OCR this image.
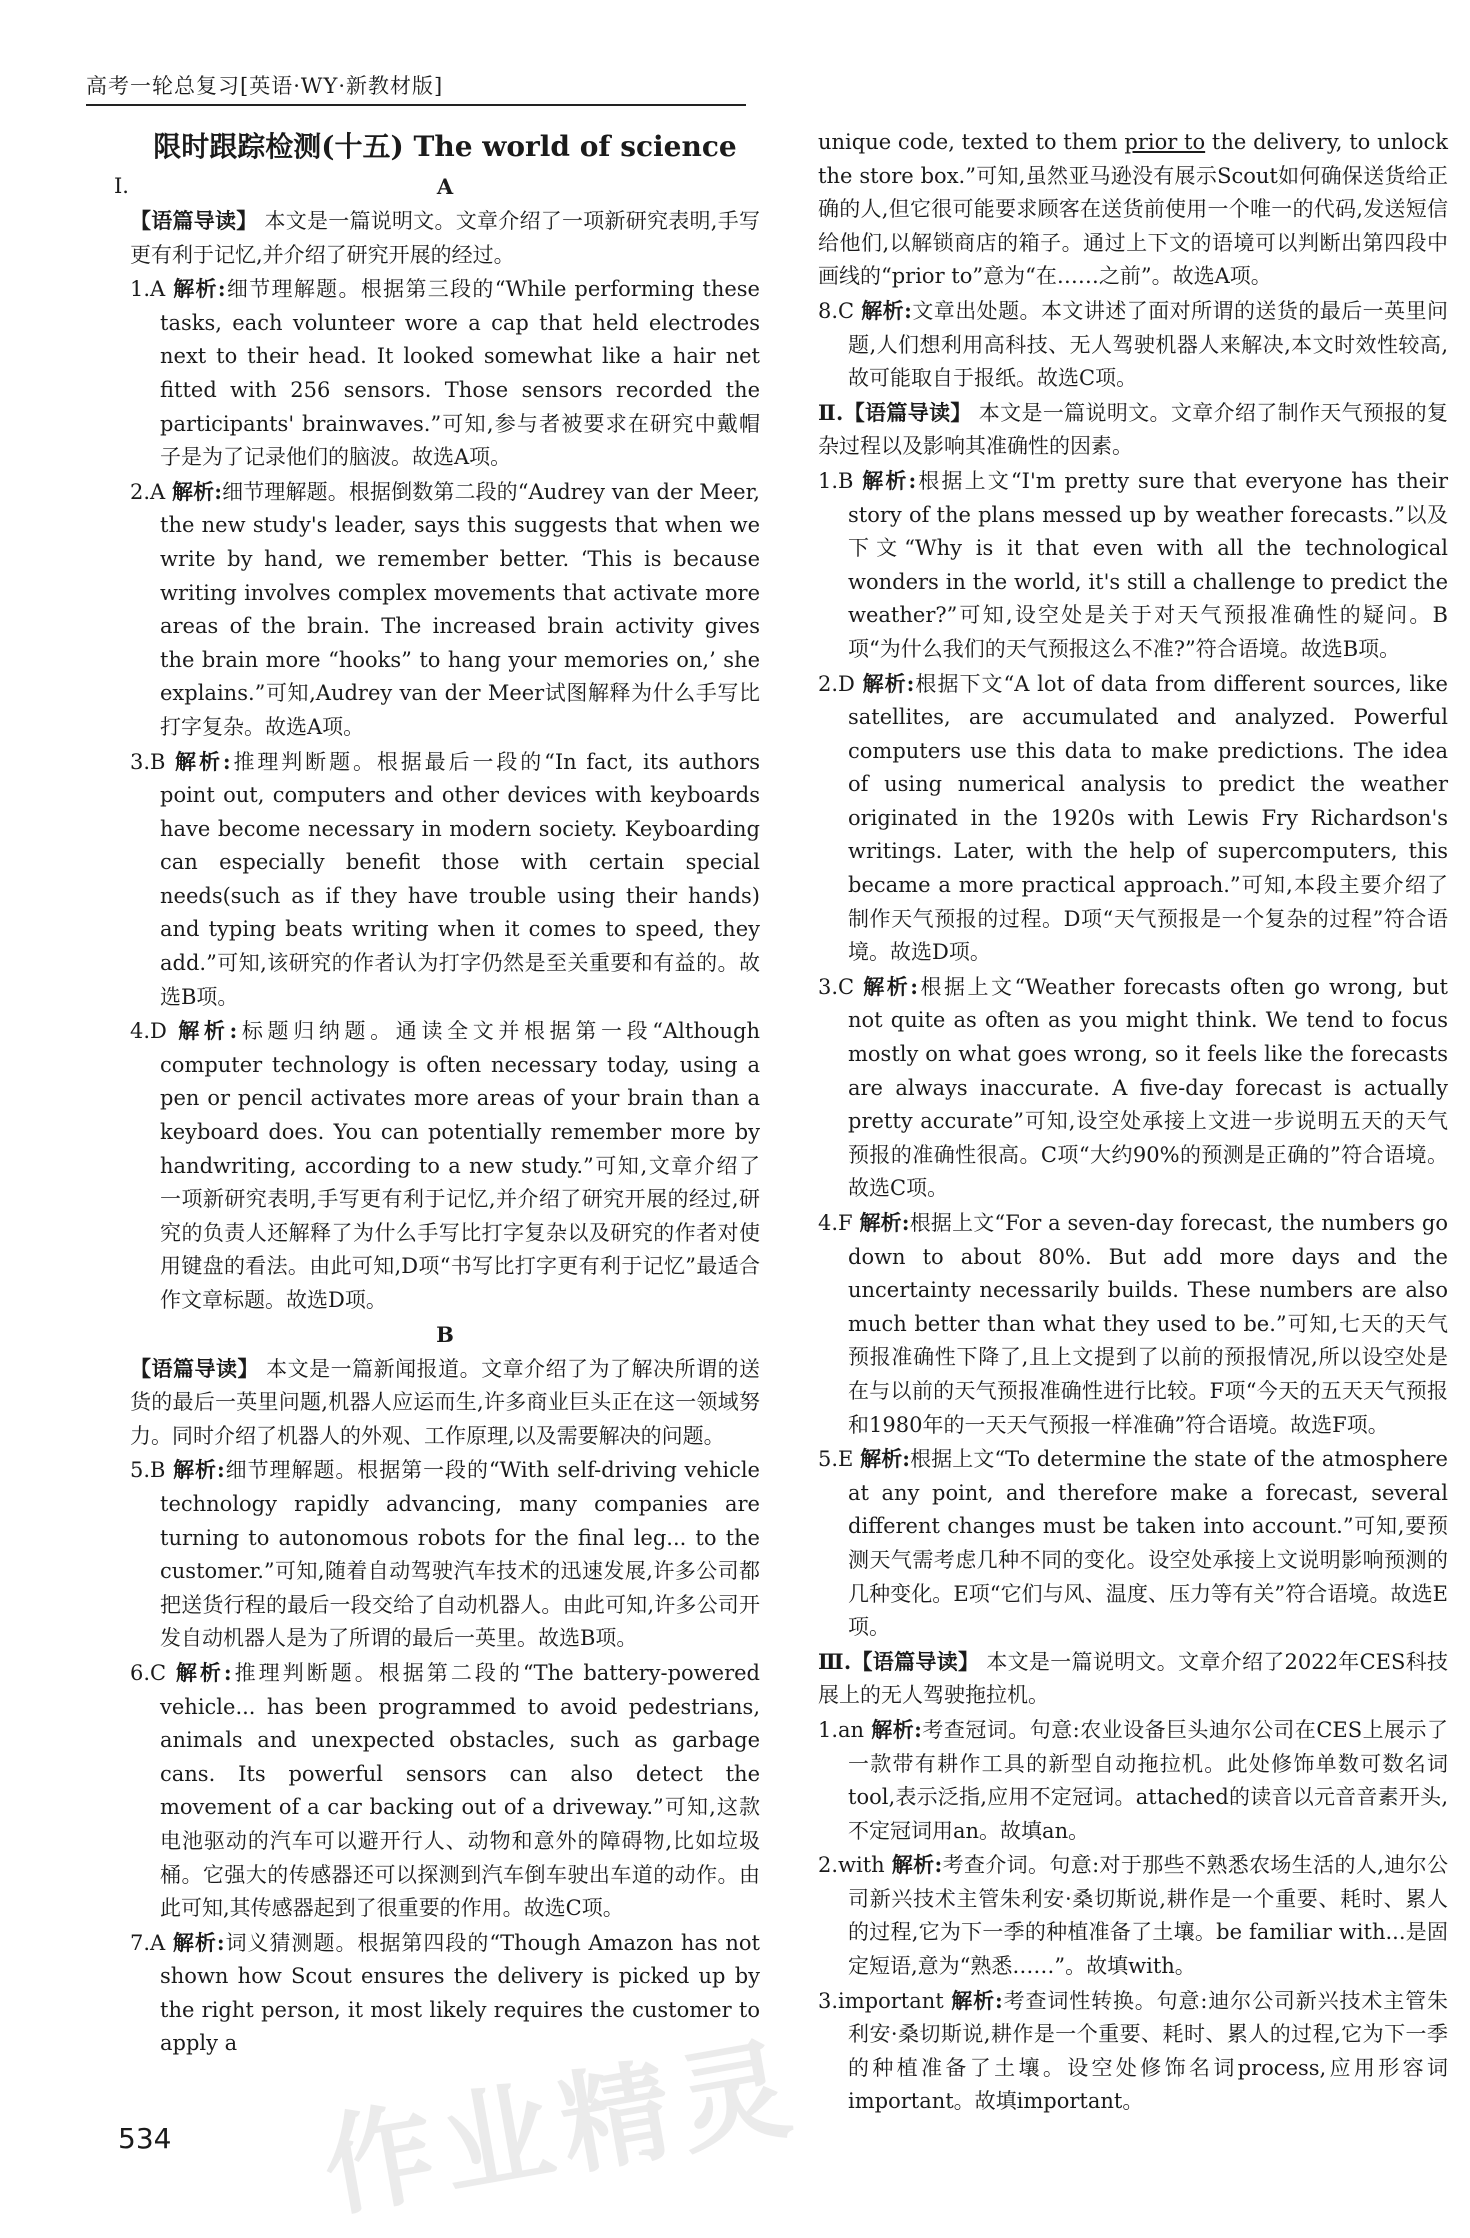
高考一轮总复习[英语·WY·新教材版]
限时跟踪检测(十五) The world of science
Ⅰ.	A

【语篇导读】 本文是一篇说明文。文章介绍了一项新研究表明,手写更有利于记忆,并介绍了研究开展的经过。

1.A 解析:细节理解题。根据第三段的“While performing these tasks, each volunteer wore a cap that held electrodes next to their head. It looked somewhat like a hair net fitted with 256 sensors. Those sensors recorded the participants' brainwaves.”可知,参与者被要求在研究中戴帽子是为了记录他们的脑波。故选A项。

2.A 解析:细节理解题。根据倒数第二段的“Audrey van der Meer, the new study's leader, says this suggests that when we write by hand, we remember better. ‘This is because writing involves complex movements that activate more areas of the brain. The increased brain activity gives the brain more “hooks” to hang your memories on,’ she explains.”可知,Audrey van der Meer试图解释为什么手写比打字复杂。故选A项。

3.B 解析:推理判断题。根据最后一段的“In fact, its authors point out, computers and other devices with keyboards have become necessary in modern society. Keyboarding can especially benefit those with certain special needs(such as if they have trouble using their hands) and typing beats writing when it comes to speed, they add.”可知,该研究的作者认为打字仍然是至关重要和有益的。故选B项。

4.D 解析:标题归纳题。通读全文并根据第一段“Although computer technology is often necessary today, using a pen or pencil activates more areas of your brain than a keyboard does. You can potentially remember more by handwriting, according to a new study.”可知,文章介绍了一项新研究表明,手写更有利于记忆,并介绍了研究开展的经过,研究的负责人还解释了为什么手写比打字复杂以及研究的作者对使用键盘的看法。由此可知,D项“书写比打字更有利于记忆”最适合作文章标题。故选D项。

B

【语篇导读】 本文是一篇新闻报道。文章介绍了为了解决所谓的送货的最后一英里问题,机器人应运而生,许多商业巨头正在这一领域努力。同时介绍了机器人的外观、工作原理,以及需要解决的问题。

5.B 解析:细节理解题。根据第一段的“With self-driving vehicle technology rapidly advancing, many companies are turning to autonomous robots for the final leg... to the customer.”可知,随着自动驾驶汽车技术的迅速发展,许多公司都把送货行程的最后一段交给了自动机器人。由此可知,许多公司开发自动机器人是为了所谓的最后一英里。故选B项。

6.C 解析:推理判断题。根据第二段的“The battery-powered vehicle... has been programmed to avoid pedestrians, animals and unexpected obstacles, such as garbage cans. Its powerful sensors can also detect the movement of a car backing out of a driveway.”可知,这款电池驱动的汽车可以避开行人、动物和意外的障碍物,比如垃圾桶。它强大的传感器还可以探测到汽车倒车驶出车道的动作。由此可知,其传感器起到了很重要的作用。故选C项。

7.A 解析:词义猜测题。根据第四段的“Though Amazon has not shown how Scout ensures the delivery is picked up by the right person, it most likely requires the customer to apply a

unique code, texted to them prior to the delivery, to unlock the store box.”可知,虽然亚马逊没有展示Scout如何确保送货给正确的人,但它很可能要求顾客在送货前使用一个唯一的代码,发送短信给他们,以解锁商店的箱子。通过上下文的语境可以判断出第四段中画线的“prior to”意为“在……之前”。故选A项。

8.C 解析:文章出处题。本文讲述了面对所谓的送货的最后一英里问题,人们想利用高科技、无人驾驶机器人来解决,本文时效性较高,故可能取自于报纸。故选C项。

Ⅱ.【语篇导读】 本文是一篇说明文。文章介绍了制作天气预报的复杂过程以及影响其准确性的因素。

1.B 解析:根据上文“I'm pretty sure that everyone has their story of the plans messed up by weather forecasts.”以及下文“Why is it that even with all the technological wonders in the world, it's still a challenge to predict the weather?”可知,设空处是关于对天气预报准确性的疑问。B项“为什么我们的天气预报这么不准?”符合语境。故选B项。

2.D 解析:根据下文“A lot of data from different sources, like satellites, are accumulated and analyzed. Powerful computers use this data to make predictions. The idea of using numerical analysis to predict the weather originated in the 1920s with Lewis Fry Richardson's writings. Later, with the help of supercomputers, this became a more practical approach.”可知,本段主要介绍了制作天气预报的过程。D项“天气预报是一个复杂的过程”符合语境。故选D项。

3.C 解析:根据上文“Weather forecasts often go wrong, but not quite as often as you might think. We tend to focus mostly on what goes wrong, so it feels like the forecasts are always inaccurate. A five-day forecast is actually pretty accurate”可知,设空处承接上文进一步说明五天的天气预报的准确性很高。C项“大约90%的预测是正确的”符合语境。故选C项。

4.F 解析:根据上文“For a seven-day forecast, the numbers go down to about 80%. But add more days and the uncertainty necessarily builds. These numbers are also much better than what they used to be.”可知,七天的天气预报准确性下降了,且上文提到了以前的预报情况,所以设空处是在与以前的天气预报准确性进行比较。F项“今天的五天天气预报和1980年的一天天气预报一样准确”符合语境。故选F项。

5.E 解析:根据上文“To determine the state of the atmosphere at any point, and therefore make a forecast, several different changes must be taken into account.”可知,要预测天气需考虑几种不同的变化。设空处承接上文说明影响预测的几种变化。E项“它们与风、温度、压力等有关”符合语境。故选E项。

Ⅲ.【语篇导读】 本文是一篇说明文。文章介绍了2022年CES科技展上的无人驾驶拖拉机。

1.an 解析:考查冠词。句意:农业设备巨头迪尔公司在CES上展示了一款带有耕作工具的新型自动拖拉机。此处修饰单数可数名词tool,表示泛指,应用不定冠词。attached的读音以元音音素开头,不定冠词用an。故填an。

2.with 解析:考查介词。句意:对于那些不熟悉农场生活的人,迪尔公司新兴技术主管朱利安·桑切斯说,耕作是一个重要、耗时、累人的过程,它为下一季的种植准备了土壤。be familiar with...是固定短语,意为“熟悉……”。故填with。

3.important 解析:考查词性转换。句意:迪尔公司新兴技术主管朱利安·桑切斯说,耕作是一个重要、耗时、累人的过程,它为下一季的种植准备了土壤。设空处修饰名词process,应用形容词important。故填important。

作业精灵
534
